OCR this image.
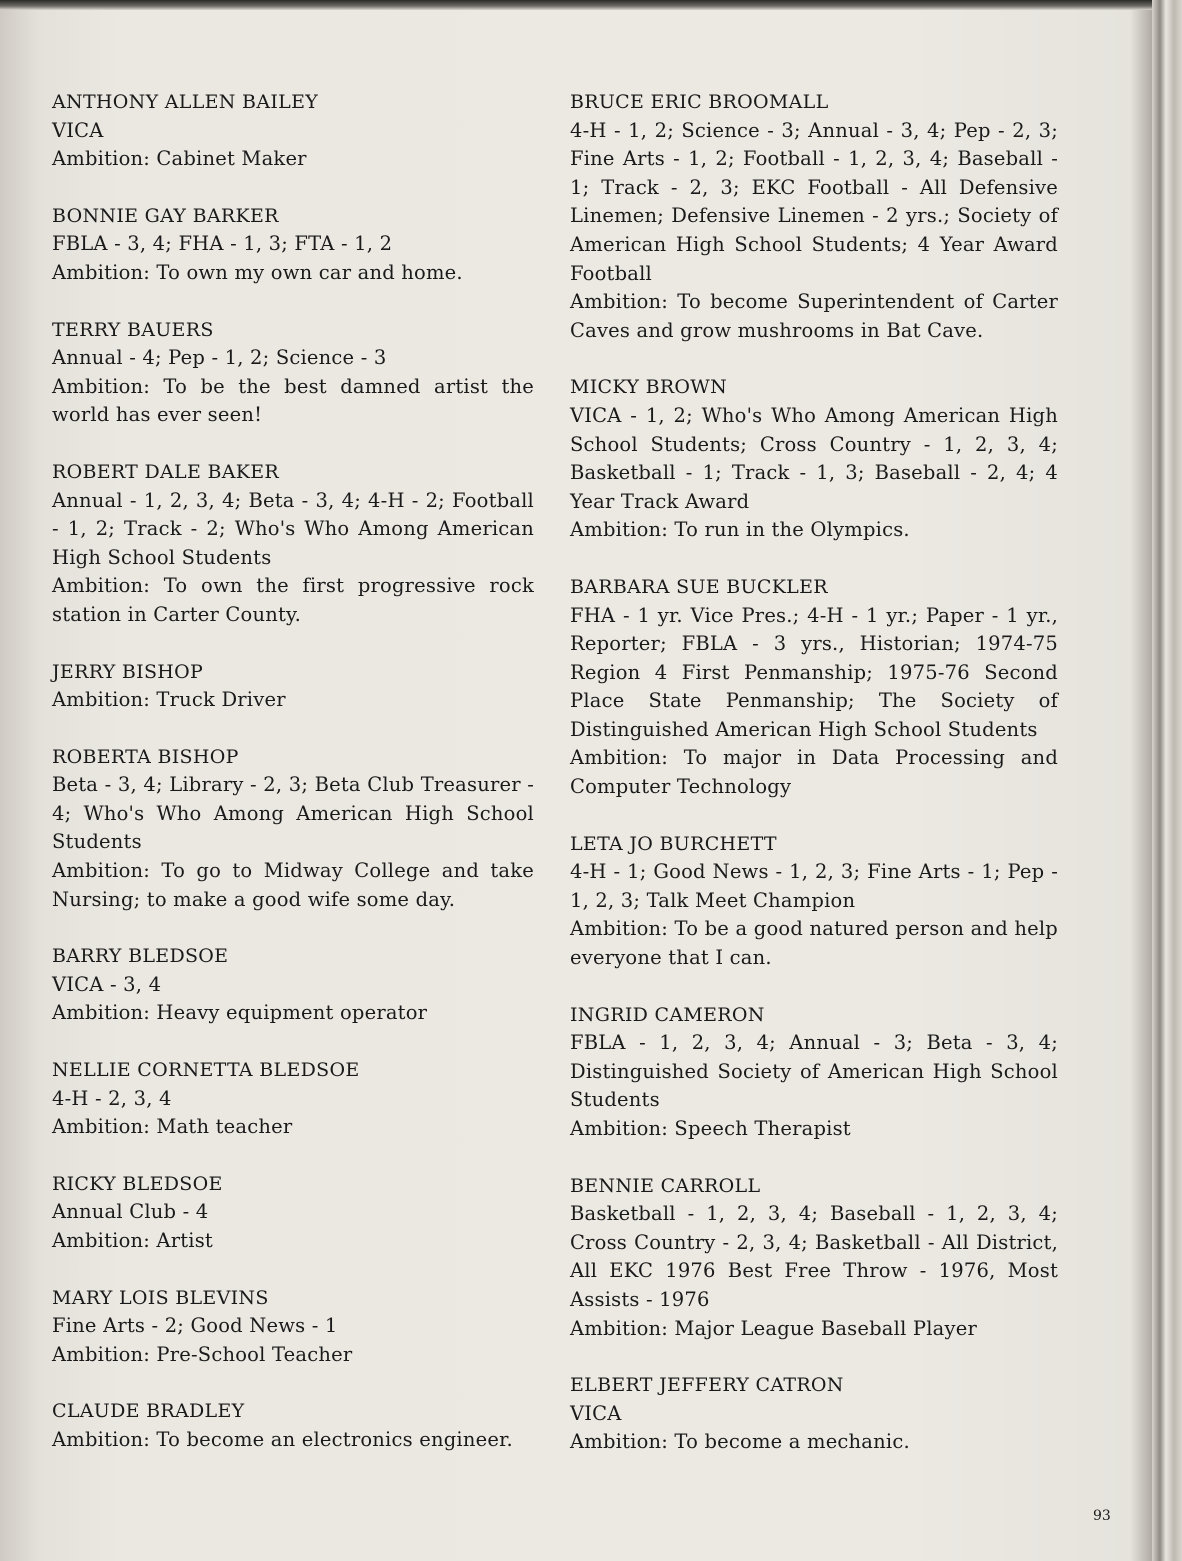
ANTHONY ALLEN BAILEY
VICA
Ambition: Cabinet Maker
BONNIE GAY BARKER
FBLA - 3, 4; FHA - 1, 3; FTA - 1, 2
Ambition: To own my own car and home.
TERRY BAUERS
Annual - 4; Pep - 1, 2; Science - 3
Ambition: To be the best damned artist the world has ever seen!
ROBERT DALE BAKER
Annual - 1, 2, 3, 4; Beta - 3, 4; 4-H - 2; Football - 1, 2; Track - 2; Who's Who Among American High School Students
Ambition: To own the first progressive rock station in Carter County.
JERRY BISHOP
Ambition: Truck Driver
ROBERTA BISHOP
Beta - 3, 4; Library - 2, 3; Beta Club Treasurer - 4; Who's Who Among American High School Students
Ambition: To go to Midway College and take Nursing; to make a good wife some day.
BARRY BLEDSOE
VICA - 3, 4
Ambition: Heavy equipment operator
NELLIE CORNETTA BLEDSOE
4-H - 2, 3, 4
Ambition: Math teacher
RICKY BLEDSOE
Annual Club - 4
Ambition: Artist
MARY LOIS BLEVINS
Fine Arts - 2; Good News - 1
Ambition: Pre-School Teacher
CLAUDE BRADLEY
Ambition: To become an electronics engineer.
BRUCE ERIC BROOMALL
4-H - 1, 2; Science - 3; Annual - 3, 4; Pep - 2, 3; Fine Arts - 1, 2; Football - 1, 2, 3, 4; Baseball - 1; Track - 2, 3; EKC Football - All Defensive Linemen; Defensive Linemen - 2 yrs.; Society of American High School Students; 4 Year Award Football
Ambition: To become Superintendent of Carter Caves and grow mushrooms in Bat Cave.
MICKY BROWN
VICA - 1, 2; Who's Who Among American High School Students; Cross Country - 1, 2, 3, 4; Basketball - 1; Track - 1, 3; Baseball - 2, 4; 4 Year Track Award
Ambition: To run in the Olympics.
BARBARA SUE BUCKLER
FHA - 1 yr. Vice Pres.; 4-H - 1 yr.; Paper - 1 yr., Reporter; FBLA - 3 yrs., Historian; 1974-75 Region 4 First Penmanship; 1975-76 Second Place State Penmanship; The Society of Distinguished American High School Students
Ambition: To major in Data Processing and Computer Technology
LETA JO BURCHETT
4-H - 1; Good News - 1, 2, 3; Fine Arts - 1; Pep - 1, 2, 3; Talk Meet Champion
Ambition: To be a good natured person and help everyone that I can.
INGRID CAMERON
FBLA - 1, 2, 3, 4; Annual - 3; Beta - 3, 4; Distinguished Society of American High School Students
Ambition: Speech Therapist
BENNIE CARROLL
Basketball - 1, 2, 3, 4; Baseball - 1, 2, 3, 4; Cross Country - 2, 3, 4; Basketball - All District, All EKC 1976 Best Free Throw - 1976, Most Assists - 1976
Ambition: Major League Baseball Player
ELBERT JEFFERY CATRON
VICA
Ambition: To become a mechanic.
93
